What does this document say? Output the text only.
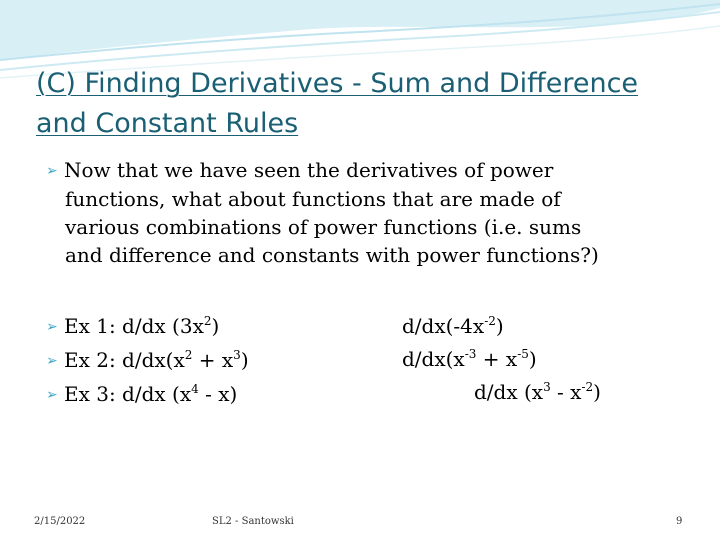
(C) Finding Derivatives - Sum and Difference
and Constant Rules
➢ Now that we have seen the derivatives of power
functions, what about functions that are made of
various combinations of power functions (i.e. sums
and difference and constants with power functions?)
➢ Ex 1: d/dx $(3x^2)$
➢ Ex 2: $d/dx(x^2 + x^3)$
➢ Ex 3: d/dx $(x^4 - x)$
$d/dx(-4x^{-2})$
$d/dx(x^{-3} + x^{-5})$
d/dx $(x^3 - x^{-2})$
2/15/2022	SL2 - Santowski	9
